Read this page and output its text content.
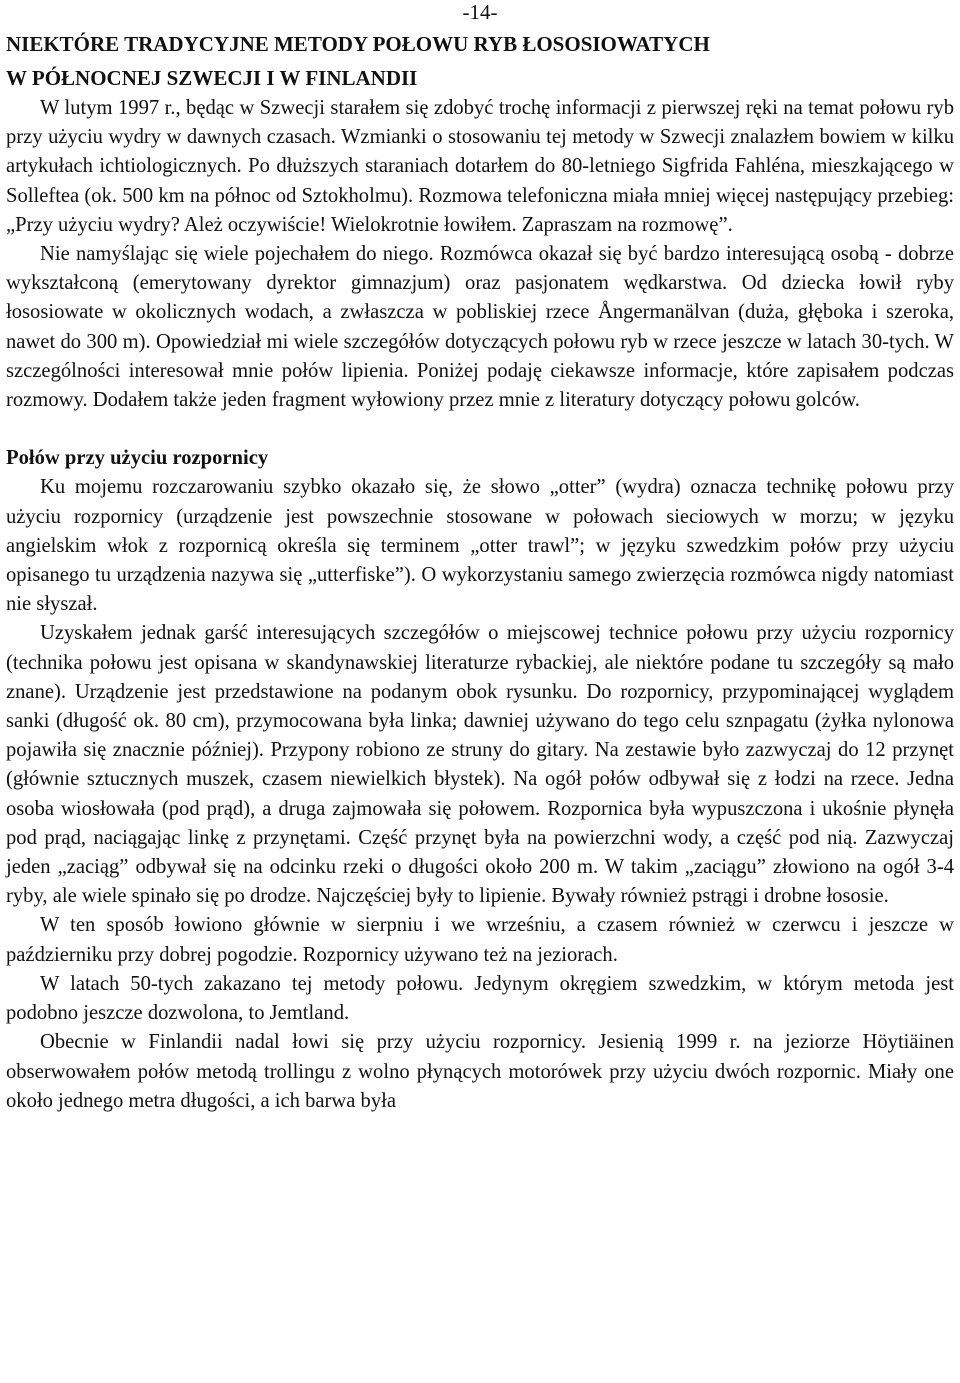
-14-
NIEKTÓRE TRADYCYJNE METODY POŁOWU RYB ŁOSOSIOWATYCH
W PÓŁNOCNEJ SZWECJI I W FINLANDII

W lutym 1997 r., będąc w Szwecji starałem się zdobyć trochę informacji z pierwszej ręki na temat połowu ryb przy użyciu wydry w dawnych czasach. Wzmianki o stosowaniu tej metody w Szwecji znalazłem bowiem w kilku artykułach ichtiologicznych. Po dłuższych staraniach dotarłem do 80-letniego Sigfrida Fahléna, mieszkającego w Solleftea (ok. 500 km na północ od Sztokholmu). Rozmowa telefoniczna miała mniej więcej następujący przebieg: „Przy użyciu wydry? Ależ oczywiście! Wielokrotnie łowiłem. Zapraszam na rozmowę”.

Nie namyślając się wiele pojechałem do niego. Rozmówca okazał się być bardzo interesującą osobą - dobrze wykształconą (emerytowany dyrektor gimnazjum) oraz pasjonatem wędkarstwa. Od dziecka łowił ryby łososiowate w okolicznych wodach, a zwłaszcza w pobliskiej rzece Ångermanälvan (duża, głęboka i szeroka, nawet do 300 m). Opowiedział mi wiele szczegółów dotyczących połowu ryb w rzece jeszcze w latach 30-tych. W szczególności interesował mnie połów lipienia. Poniżej podaję ciekawsze informacje, które zapisałem podczas rozmowy. Dodałem także jeden fragment wyłowiony przez mnie z literatury dotyczący połowu golców.

Połów przy użyciu rozpornicy

Ku mojemu rozczarowaniu szybko okazało się, że słowo „otter” (wydra) oznacza technikę połowu przy użyciu rozpornicy (urządzenie jest powszechnie stosowane w połowach sieciowych w morzu; w języku angielskim włok z rozpornicą określa się terminem „otter trawl”; w języku szwedzkim połów przy użyciu opisanego tu urządzenia nazywa się „utterfiske”). O wykorzystaniu samego zwierzęcia rozmówca nigdy natomiast nie słyszał.

Uzyskałem jednak garść interesujących szczegółów o miejscowej technice połowu przy użyciu rozpornicy (technika połowu jest opisana w skandynawskiej literaturze rybackiej, ale niektóre podane tu szczegóły są mało znane). Urządzenie jest przedstawione na podanym obok rysunku. Do rozpornicy, przypominającej wyglądem sanki (długość ok. 80 cm), przymocowana była linka; dawniej używano do tego celu sznpagatu (żyłka nylonowa pojawiła się znacznie później). Przypony robiono ze struny do gitary. Na zestawie było zazwyczaj do 12 przynęt (głównie sztucznych muszek, czasem niewielkich błystek). Na ogół połów odbywał się z łodzi na rzece. Jedna osoba wiosłowała (pod prąd), a druga zajmowała się połowem. Rozpornica była wypuszczona i ukośnie płynęła pod prąd, naciągając linkę z przynętami. Część przynęt była na powierzchni wody, a część pod nią. Zazwyczaj jeden „zaciąg” odbywał się na odcinku rzeki o długości około 200 m. W takim „zaciągu” złowiono na ogół 3-4 ryby, ale wiele spinało się po drodze. Najczęściej były to lipienie. Bywały również pstrągi i drobne łososie.

W ten sposób łowiono głównie w sierpniu i we wrześniu, a czasem również w czerwcu i jeszcze w październiku przy dobrej pogodzie. Rozpornicy używano też na jeziorach.

W latach 50-tych zakazano tej metody połowu. Jedynym okręgiem szwedzkim, w którym metoda jest podobno jeszcze dozwolona, to Jemtland.

Obecnie w Finlandii nadal łowi się przy użyciu rozpornicy. Jesienią 1999 r. na jeziorze Höytiäinen obserwowałem połów metodą trollingu z wolno płynących motorówek przy użyciu dwóch rozpornic. Miały one około jednego metra długości, a ich barwa była
